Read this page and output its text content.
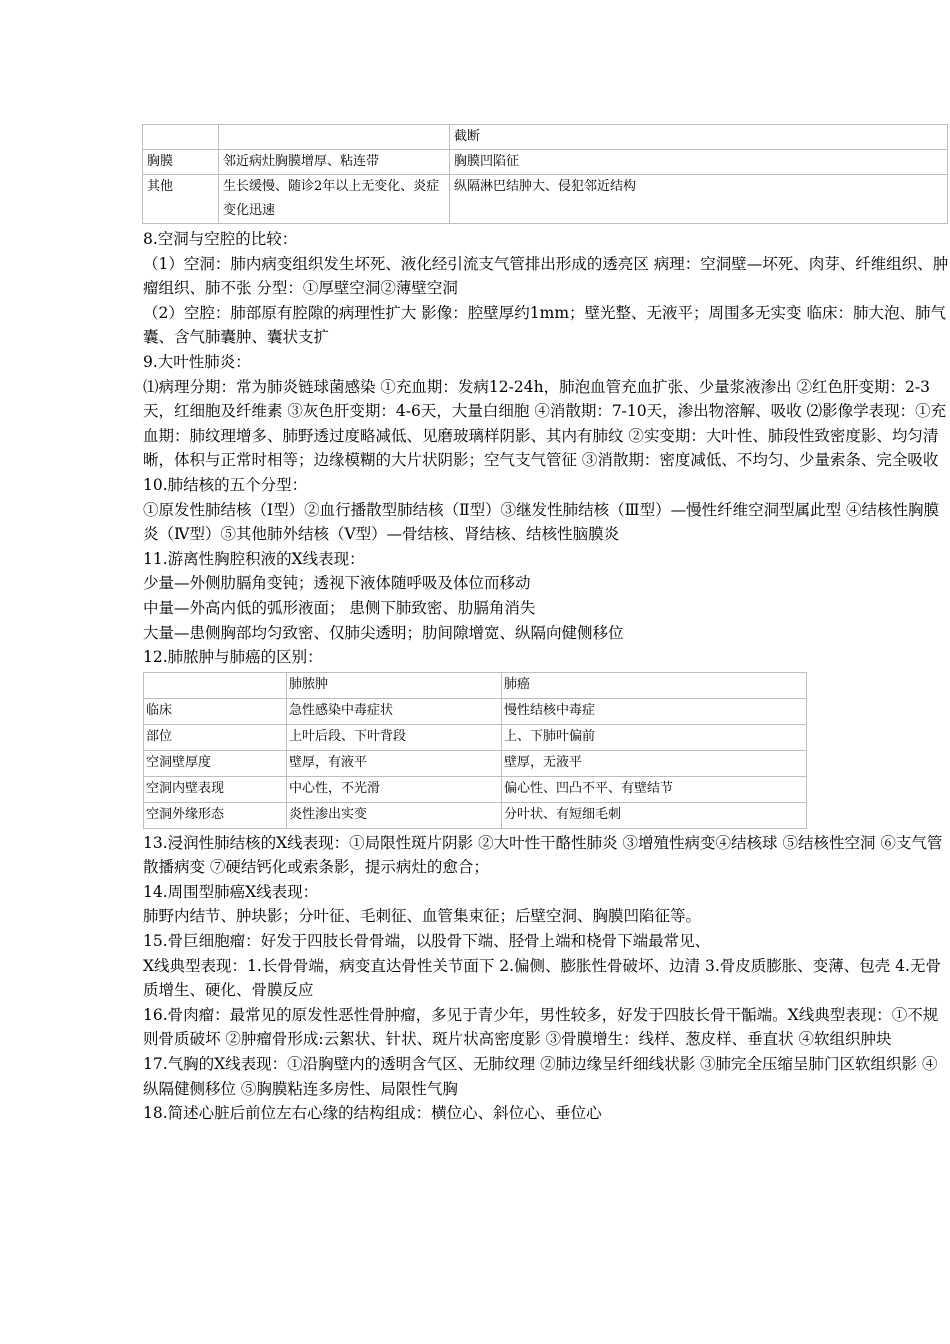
		截断
胸膜	邻近病灶胸膜增厚、粘连带	胸膜凹陷征
其他	生长缓慢、随诊2年以上无变化、炎症变化迅速	纵隔淋巴结肿大、侵犯邻近结构

8.空洞与空腔的比较：

（1）空洞：肺内病变组织发生坏死、液化经引流支气管排出形成的透亮区 病理：空洞壁—坏死、肉芽、纤维组织、肿瘤组织、肺不张 分型：①厚壁空洞②薄壁空洞

（2）空腔：肺部原有腔隙的病理性扩大 影像：腔壁厚约1mm；壁光整、无液平；周围多无实变 临床：肺大泡、肺气囊、含气肺囊肿、囊状支扩

9.大叶性肺炎：

⑴病理分期：常为肺炎链球菌感染 ①充血期：发病12-24h，肺泡血管充血扩张、少量浆液渗出 ②红色肝变期：2-3天，红细胞及纤维素 ③灰色肝变期：4-6天，大量白细胞 ④消散期：7-10天，渗出物溶解、吸收 ⑵影像学表现：①充血期：肺纹理增多、肺野透过度略减低、见磨玻璃样阴影、其内有肺纹 ②实变期：大叶性、肺段性致密度影、均匀清晰，体积与正常时相等；边缘模糊的大片状阴影；空气支气管征 ③消散期：密度减低、不均匀、少量索条、完全吸收

10.肺结核的五个分型：

①原发性肺结核（Ⅰ型）②血行播散型肺结核（Ⅱ型）③继发性肺结核（Ⅲ型）—慢性纤维空洞型属此型 ④结核性胸膜炎（Ⅳ型）⑤其他肺外结核（Ⅴ型）—骨结核、肾结核、结核性脑膜炎

11.游离性胸腔积液的X线表现：

少量—外侧肋膈角变钝；透视下液体随呼吸及体位而移动

中量—外高内低的弧形液面； 患侧下肺致密、肋膈角消失

大量—患侧胸部均匀致密、仅肺尖透明；肋间隙增宽、纵隔向健侧移位

12.肺脓肿与肺癌的区别：

	肺脓肿	肺癌
临床	急性感染中毒症状	慢性结核中毒症
部位	上叶后段、下叶背段	上、下肺叶偏前
空洞壁厚度	壁厚，有液平	壁厚，无液平
空洞内壁表现	中心性，不光滑	偏心性、凹凸不平、有壁结节
空洞外缘形态	炎性渗出实变	分叶状、有短细毛刺

13.浸润性肺结核的X线表现：①局限性斑片阴影 ②大叶性干酪性肺炎 ③增殖性病变④结核球 ⑤结核性空洞 ⑥支气管散播病变 ⑦硬结钙化或索条影，提示病灶的愈合；

14.周围型肺癌X线表现：

肺野内结节、肿块影；分叶征、毛刺征、血管集束征；后壁空洞、胸膜凹陷征等。

15.骨巨细胞瘤：好发于四肢长骨骨端，以股骨下端、胫骨上端和桡骨下端最常见、

X线典型表现：1.长骨骨端，病变直达骨性关节面下 2.偏侧、膨胀性骨破坏、边清 3.骨皮质膨胀、变薄、包壳 4.无骨质增生、硬化、骨膜反应

16.骨肉瘤：最常见的原发性恶性骨肿瘤，多见于青少年，男性较多，好发于四肢长骨干骺端。X线典型表现：①不规则骨质破坏 ②肿瘤骨形成:云絮状、针状、斑片状高密度影 ③骨膜增生：线样、葱皮样、垂直状 ④软组织肿块

17.气胸的X线表现：①沿胸壁内的透明含气区、无肺纹理 ②肺边缘呈纤细线状影 ③肺完全压缩呈肺门区软组织影 ④纵隔健侧移位 ⑤胸膜粘连多房性、局限性气胸

18.简述心脏后前位左右心缘的结构组成：横位心、斜位心、垂位心
